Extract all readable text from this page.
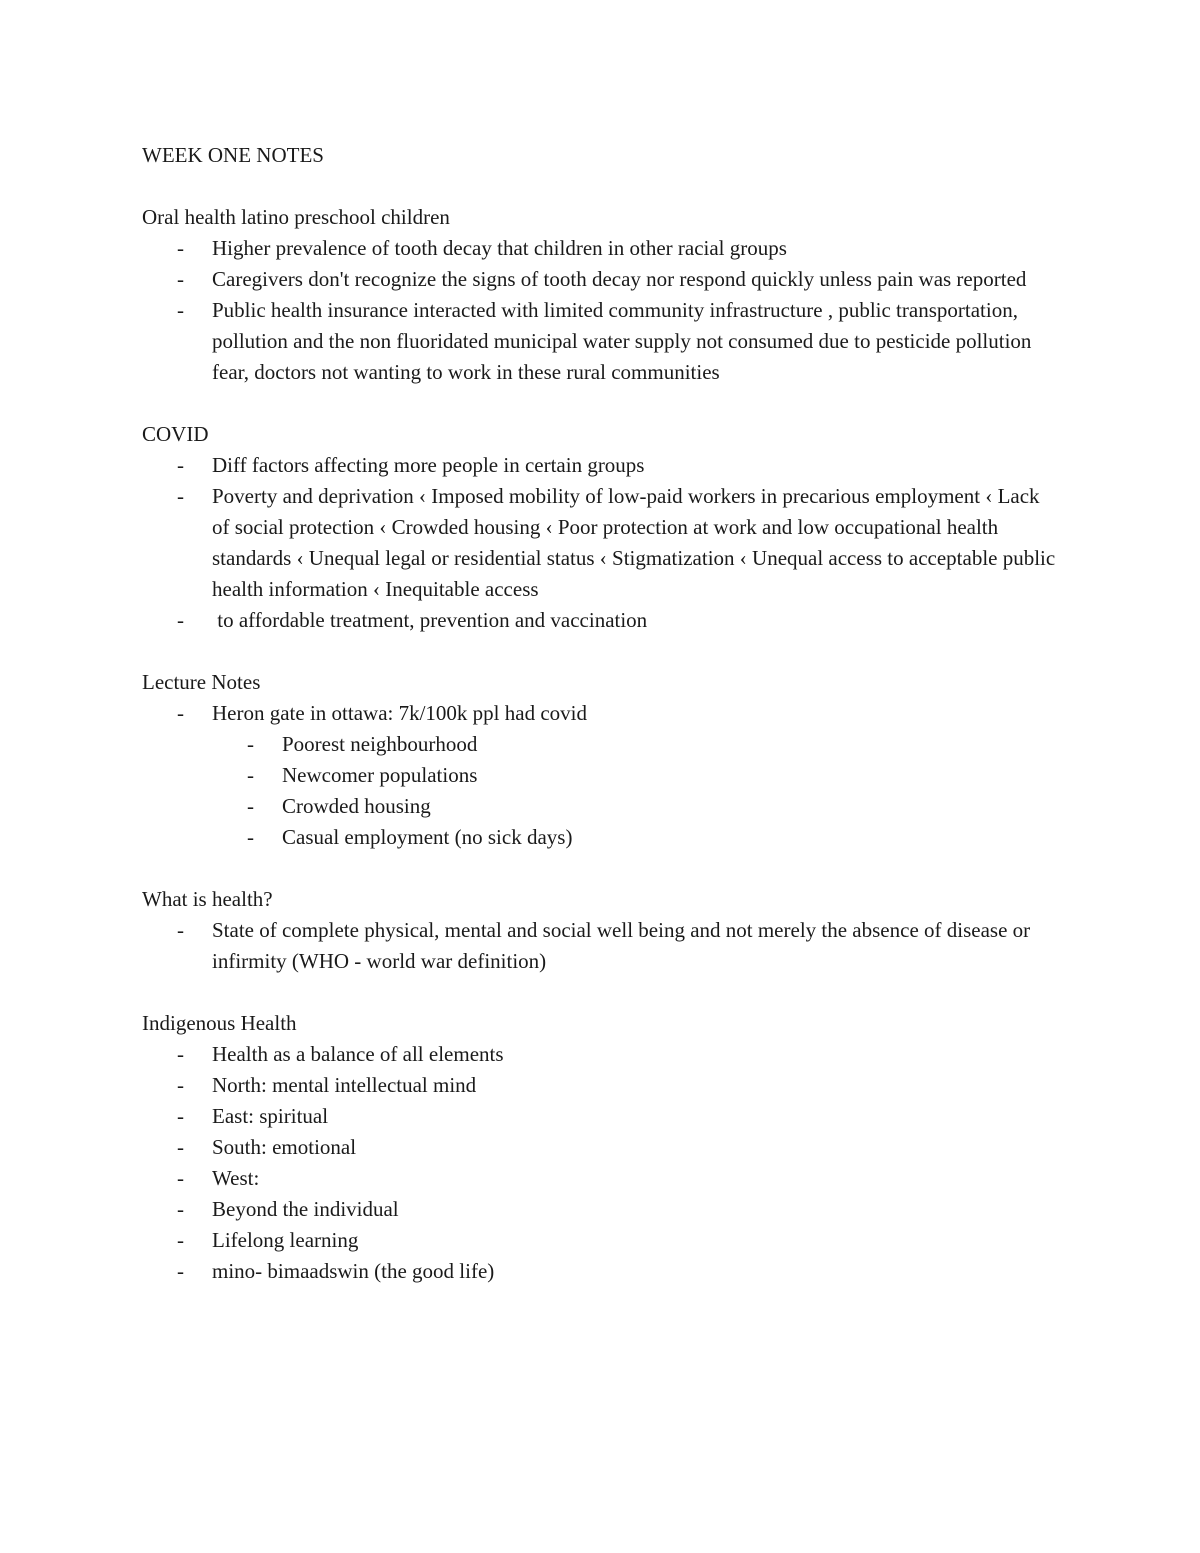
WEEK ONE NOTES
Oral health latino preschool children
- Higher prevalence of tooth decay that children in other racial groups
- Caregivers don't recognize the signs of tooth decay nor respond quickly unless pain was reported
- Public health insurance interacted with limited community infrastructure , public transportation, pollution and the non fluoridated municipal water supply not consumed due to pesticide pollution fear, doctors not wanting to work in these rural communities
COVID
- Diff factors affecting more people in certain groups
- Poverty and deprivation ‹ Imposed mobility of low-paid workers in precarious employment ‹ Lack of social protection ‹ Crowded housing ‹ Poor protection at work and low occupational health standards ‹ Unequal legal or residential status ‹ Stigmatization ‹ Unequal access to acceptable public health information ‹ Inequitable access
- to affordable treatment, prevention and vaccination
Lecture Notes
- Heron gate in ottawa: 7k/100k ppl had covid
- Poorest neighbourhood
- Newcomer populations
- Crowded housing
- Casual employment (no sick days)
What is health?
- State of complete physical, mental and social well being and not merely the absence of disease or infirmity (WHO - world war definition)
Indigenous Health
- Health as a balance of all elements
- North: mental intellectual mind
- East: spiritual
- South: emotional
- West:
- Beyond the individual
- Lifelong learning
- mino- bimaadswin (the good life)
